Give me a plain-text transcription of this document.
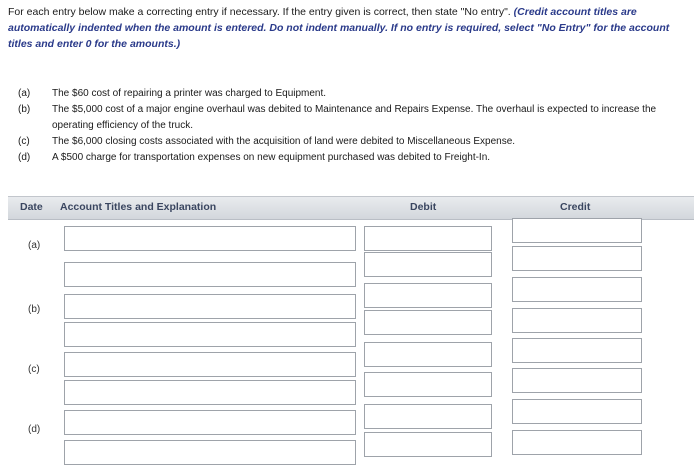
For each entry below make a correcting entry if necessary. If the entry given is correct, then state "No entry". (Credit account titles are automatically indented when the amount is entered. Do not indent manually. If no entry is required, select "No Entry" for the account titles and enter 0 for the amounts.)
(a)	The $60 cost of repairing a printer was charged to Equipment.
(b)	The $5,000 cost of a major engine overhaul was debited to Maintenance and Repairs Expense. The overhaul is expected to increase the operating efficiency of the truck.
(c)	The $6,000 closing costs associated with the acquisition of land were debited to Miscellaneous Expense.
(d)	A $500 charge for transportation expenses on new equipment purchased was debited to Freight-In.
Date Account Titles and Explanation	Debit	Credit
(a)
(b)
(c)
(d)
